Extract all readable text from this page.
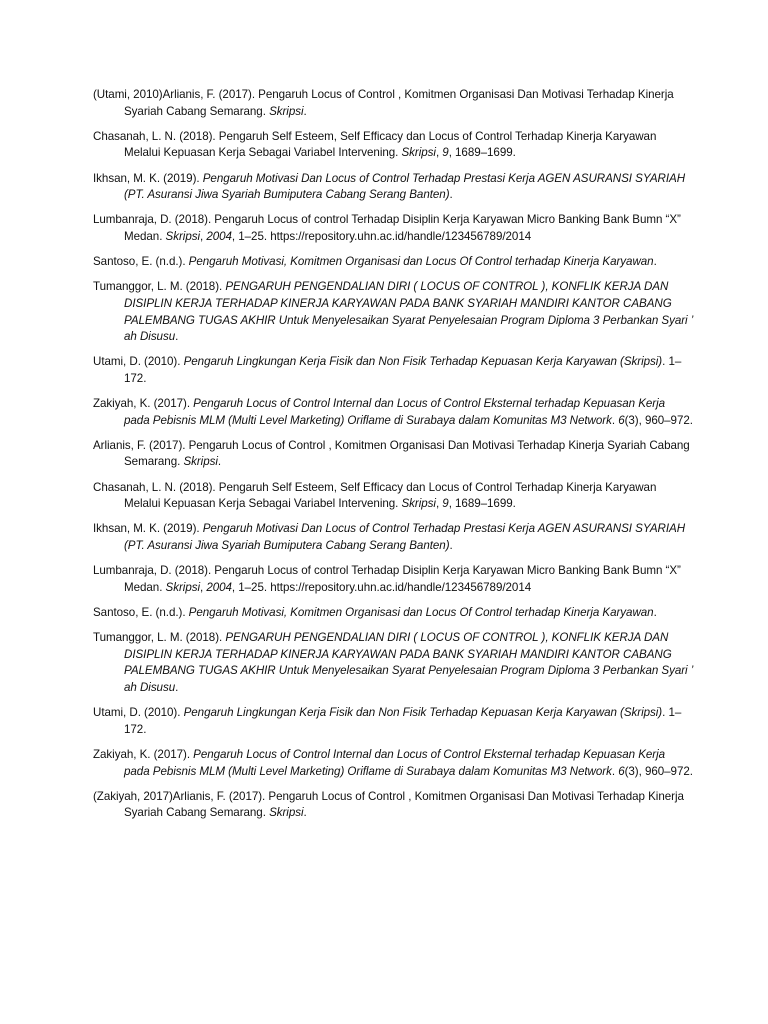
(Utami, 2010)Arlianis, F. (2017). Pengaruh Locus of Control , Komitmen Organisasi Dan Motivasi Terhadap Kinerja Syariah Cabang Semarang. Skripsi.

Chasanah, L. N. (2018). Pengaruh Self Esteem, Self Efficacy dan Locus of Control Terhadap Kinerja Karyawan Melalui Kepuasan Kerja Sebagai Variabel Intervening. Skripsi, 9, 1689–1699.

Ikhsan, M. K. (2019). Pengaruh Motivasi Dan Locus of Control Terhadap Prestasi Kerja AGEN ASURANSI SYARIAH (PT. Asuransi Jiwa Syariah Bumiputera Cabang Serang Banten).

Lumbanraja, D. (2018). Pengaruh Locus of control Terhadap Disiplin Kerja Karyawan Micro Banking Bank Bumn “X” Medan. Skripsi, 2004, 1–25. https://repository.uhn.ac.id/handle/123456789/2014

Santoso, E. (n.d.). Pengaruh Motivasi, Komitmen Organisasi dan Locus Of Control terhadap Kinerja Karyawan.

Tumanggor, L. M. (2018). PENGARUH PENGENDALIAN DIRI ( LOCUS OF CONTROL ), KONFLIK KERJA DAN DISIPLIN KERJA TERHADAP KINERJA KARYAWAN PADA BANK SYARIAH MANDIRI KANTOR CABANG PALEMBANG TUGAS AKHIR Untuk Menyelesaikan Syarat Penyelesaian Program Diploma 3 Perbankan Syari ’ ah Disusu.

Utami, D. (2010). Pengaruh Lingkungan Kerja Fisik dan Non Fisik Terhadap Kepuasan Kerja Karyawan (Skripsi). 1–172.

Zakiyah, K. (2017). Pengaruh Locus of Control Internal dan Locus of Control Eksternal terhadap Kepuasan Kerja pada Pebisnis MLM (Multi Level Marketing) Oriflame di Surabaya dalam Komunitas M3 Network. 6(3), 960–972.

Arlianis, F. (2017). Pengaruh Locus of Control , Komitmen Organisasi Dan Motivasi Terhadap Kinerja Syariah Cabang Semarang. Skripsi.

Chasanah, L. N. (2018). Pengaruh Self Esteem, Self Efficacy dan Locus of Control Terhadap Kinerja Karyawan Melalui Kepuasan Kerja Sebagai Variabel Intervening. Skripsi, 9, 1689–1699.

Ikhsan, M. K. (2019). Pengaruh Motivasi Dan Locus of Control Terhadap Prestasi Kerja AGEN ASURANSI SYARIAH (PT. Asuransi Jiwa Syariah Bumiputera Cabang Serang Banten).

Lumbanraja, D. (2018). Pengaruh Locus of control Terhadap Disiplin Kerja Karyawan Micro Banking Bank Bumn “X” Medan. Skripsi, 2004, 1–25. https://repository.uhn.ac.id/handle/123456789/2014

Santoso, E. (n.d.). Pengaruh Motivasi, Komitmen Organisasi dan Locus Of Control terhadap Kinerja Karyawan.

Tumanggor, L. M. (2018). PENGARUH PENGENDALIAN DIRI ( LOCUS OF CONTROL ), KONFLIK KERJA DAN DISIPLIN KERJA TERHADAP KINERJA KARYAWAN PADA BANK SYARIAH MANDIRI KANTOR CABANG PALEMBANG TUGAS AKHIR Untuk Menyelesaikan Syarat Penyelesaian Program Diploma 3 Perbankan Syari ’ ah Disusu.

Utami, D. (2010). Pengaruh Lingkungan Kerja Fisik dan Non Fisik Terhadap Kepuasan Kerja Karyawan (Skripsi). 1–172.

Zakiyah, K. (2017). Pengaruh Locus of Control Internal dan Locus of Control Eksternal terhadap Kepuasan Kerja pada Pebisnis MLM (Multi Level Marketing) Oriflame di Surabaya dalam Komunitas M3 Network. 6(3), 960–972.

(Zakiyah, 2017)Arlianis, F. (2017). Pengaruh Locus of Control , Komitmen Organisasi Dan Motivasi Terhadap Kinerja Syariah Cabang Semarang. Skripsi.
